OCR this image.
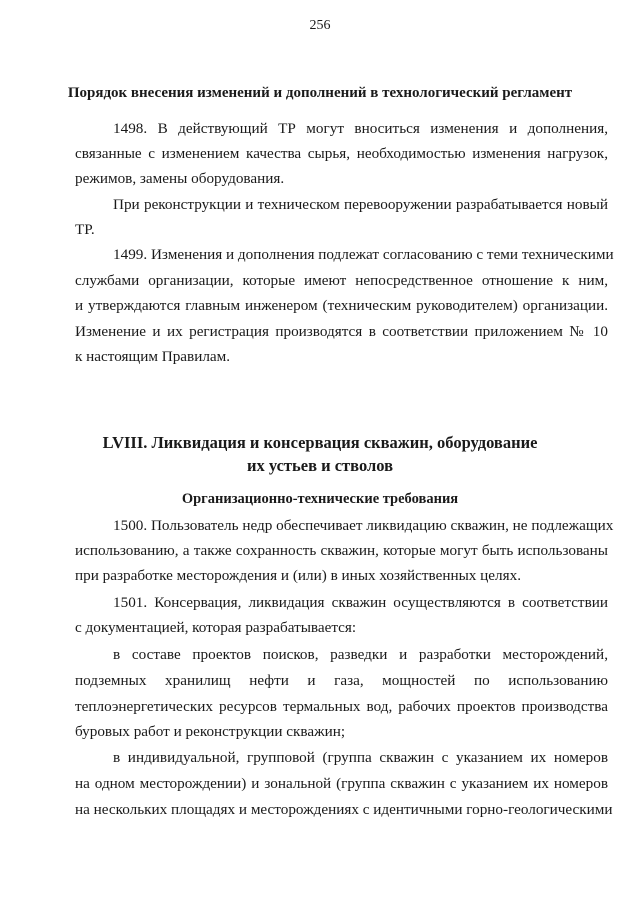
256
Порядок внесения изменений и дополнений в технологический регламент
1498. В действующий ТР могут вноситься изменения и дополнения,
связанные с изменением качества сырья, необходимостью изменения нагрузок,
режимов, замены оборудования.
При реконструкции и техническом перевооружении разрабатывается новый
ТР.
1499. Изменения и дополнения подлежат согласованию с теми техническими
службами организации, которые имеют непосредственное отношение к ним,
и утверждаются главным инженером (техническим руководителем) организации.
Изменение и их регистрация производятся в соответствии приложением № 10
к настоящим Правилам.
LVIII. Ликвидация и консервация скважин, оборудование
их устьев и стволов
Организационно-технические требования
1500. Пользователь недр обеспечивает ликвидацию скважин, не подлежащих
использованию, а также сохранность скважин, которые могут быть использованы
при разработке месторождения и (или) в иных хозяйственных целях.
1501. Консервация, ликвидация скважин осуществляются в соответствии
с документацией, которая разрабатывается:
в составе проектов поисков, разведки и разработки месторождений,
подземных хранилищ нефти и газа, мощностей по использованию
теплоэнергетических ресурсов термальных вод, рабочих проектов производства
буровых работ и реконструкции скважин;
в индивидуальной, групповой (группа скважин с указанием их номеров
на одном месторождении) и зональной (группа скважин с указанием их номеров
на нескольких площадях и месторождениях с идентичными горно-геологическими
